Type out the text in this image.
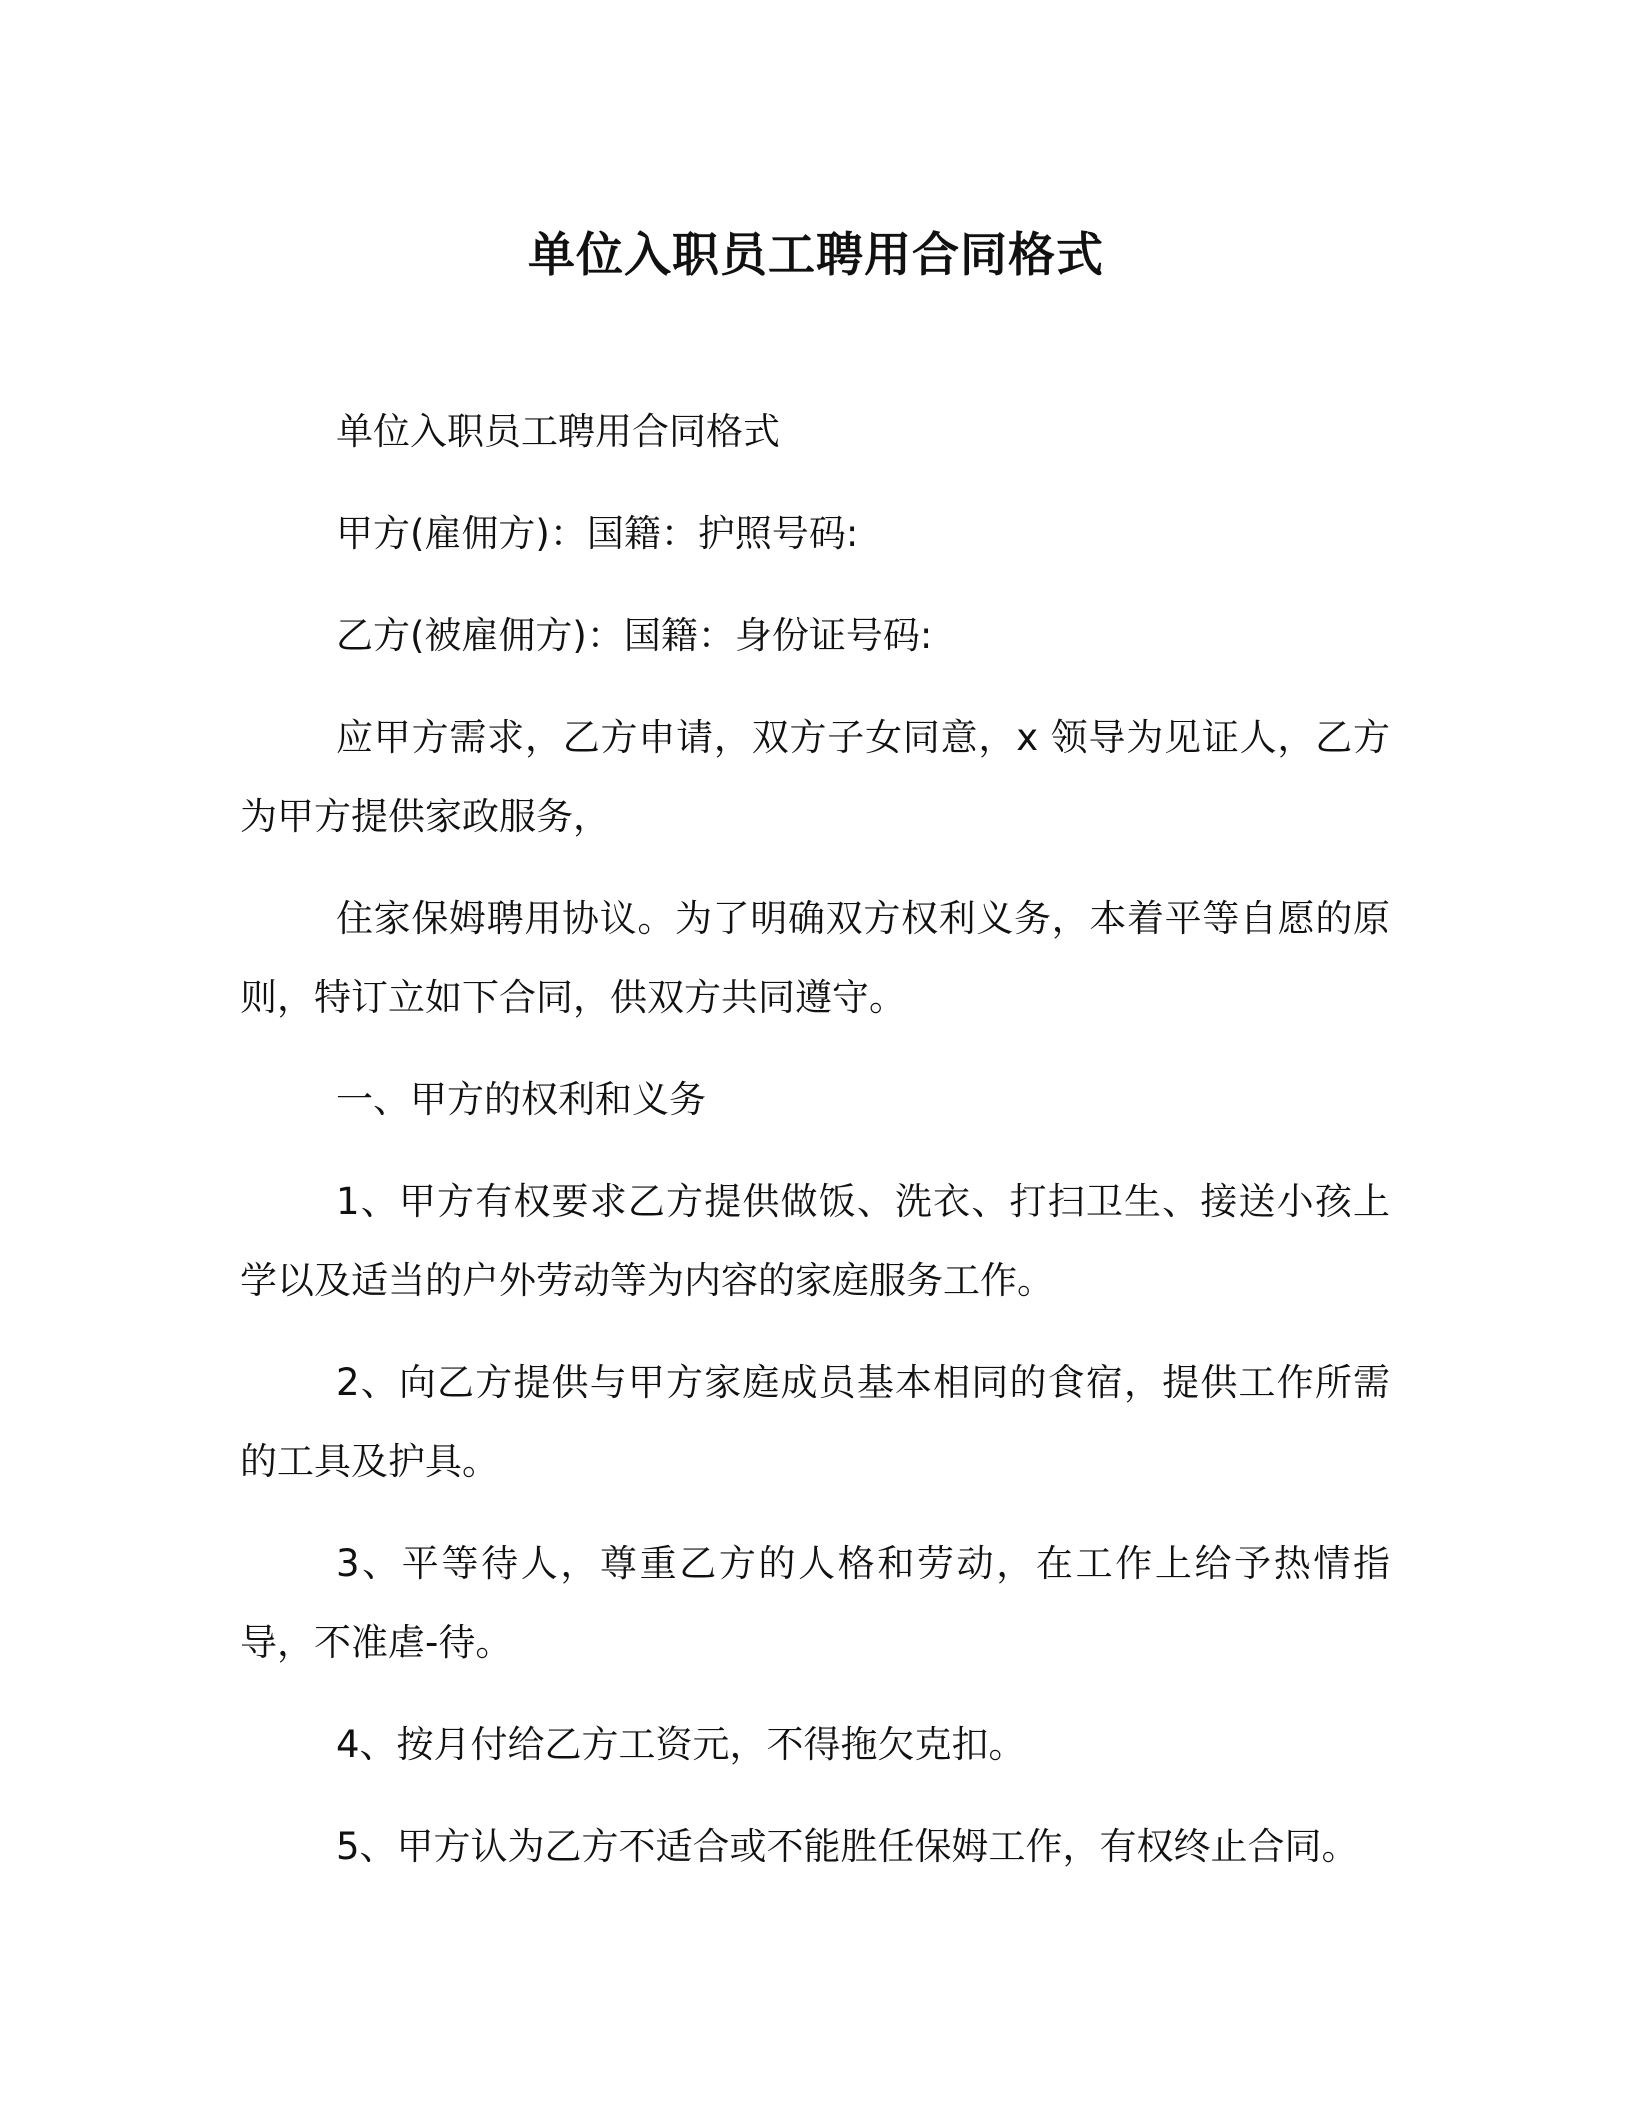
单位入职员工聘用合同格式

单位入职员工聘用合同格式

甲方(雇佣方)：国籍：护照号码:

乙方(被雇佣方)：国籍：身份证号码:

应甲方需求，乙方申请，双方子女同意，x 领导为见证人，乙方为甲方提供家政服务，

住家保姆聘用协议。为了明确双方权利义务，本着平等自愿的原则，特订立如下合同，供双方共同遵守。

一、甲方的权利和义务

1、甲方有权要求乙方提供做饭、洗衣、打扫卫生、接送小孩上学以及适当的户外劳动等为内容的家庭服务工作。

2、向乙方提供与甲方家庭成员基本相同的食宿，提供工作所需的工具及护具。

3、平等待人，尊重乙方的人格和劳动，在工作上给予热情指导，不准虐-待。

4、按月付给乙方工资元，不得拖欠克扣。

5、甲方认为乙方不适合或不能胜任保姆工作，有权终止合同。
